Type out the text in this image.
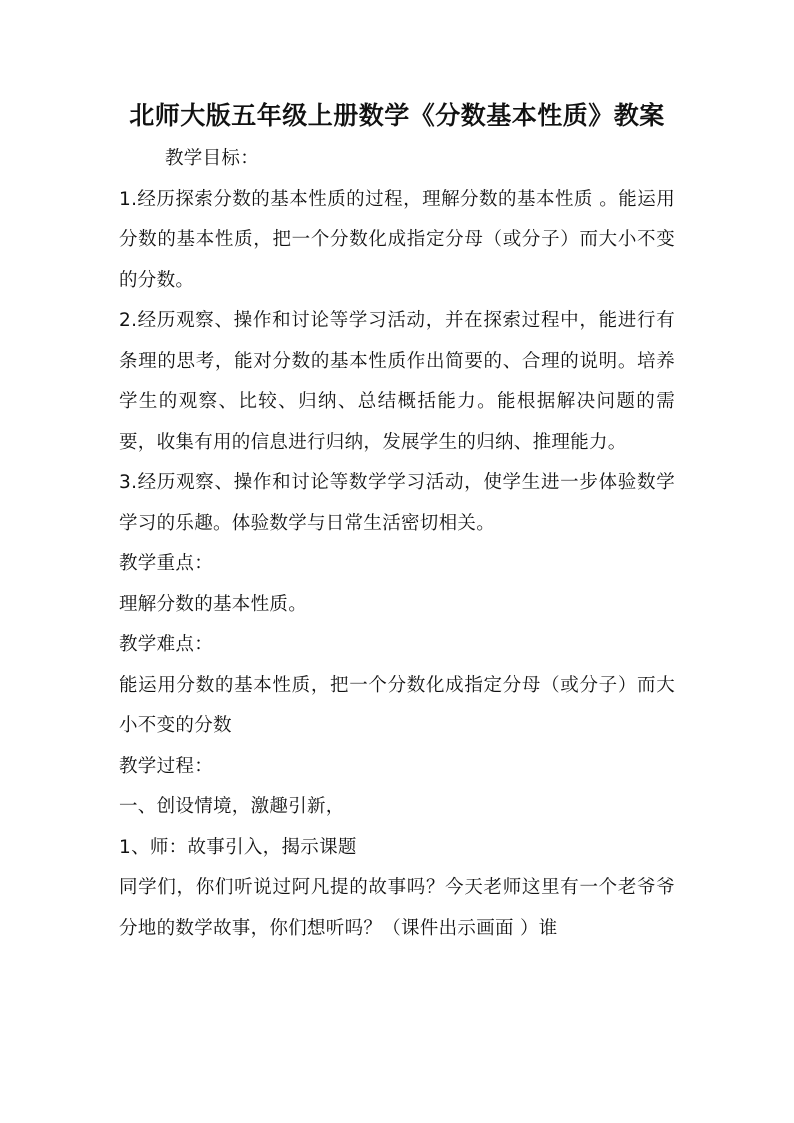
北师大版五年级上册数学《分数基本性质》教案

教学目标：

1.经历探索分数的基本性质的过程，理解分数的基本性质 。能运用分数的基本性质，把一个分数化成指定分母（或分子）而大小不变的分数。

2.经历观察、操作和讨论等学习活动，并在探索过程中，能进行有条理的思考，能对分数的基本性质作出简要的、合理的说明。培养学生的观察、比较、归纳、总结概括能力。能根据解决问题的需要，收集有用的信息进行归纳，发展学生的归纳、推理能力。

3.经历观察、操作和讨论等数学学习活动，使学生进一步体验数学学习的乐趣。体验数学与日常生活密切相关。

教学重点：

理解分数的基本性质。

教学难点：

能运用分数的基本性质，把一个分数化成指定分母（或分子）而大小不变的分数

教学过程：

一、创设情境，激趣引新，

1、师：故事引入，揭示课题

同学们，你们听说过阿凡提的故事吗？今天老师这里有一个老爷爷分地的数学故事，你们想听吗？（课件出示画面 ）谁
